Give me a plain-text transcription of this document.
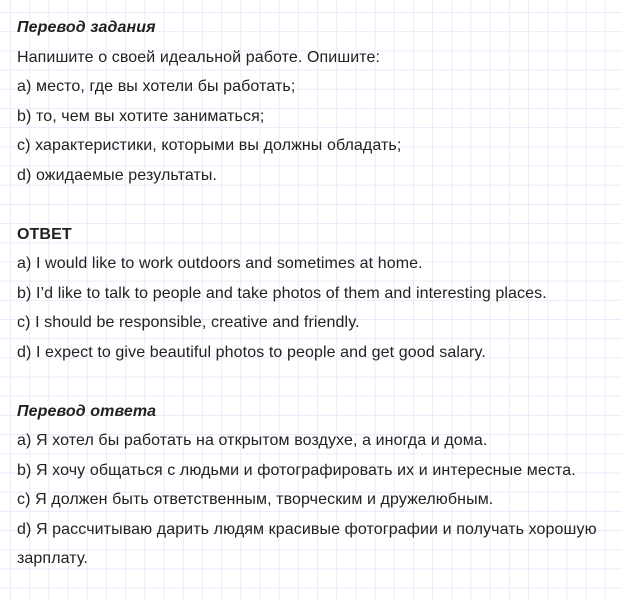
Перевод задания
Напишите о своей идеальной работе. Опишите:
a) место, где вы хотели бы работать;
b) то, чем вы хотите заниматься;
c) характеристики, которыми вы должны обладать;
d) ожидаемые результаты.
ОТВЕТ
a) I would like to work outdoors and sometimes at home.
b) I’d like to talk to people and take photos of them and interesting places.
c) I should be responsible, creative and friendly.
d) I expect to give beautiful photos to people and get good salary.
Перевод ответа
a) Я хотел бы работать на открытом воздухе, а иногда и дома.
b) Я хочу общаться с людьми и фотографировать их и интересные места.
c) Я должен быть ответственным, творческим и дружелюбным.
d) Я рассчитываю дарить людям красивые фотографии и получать хорошую зарплату.
